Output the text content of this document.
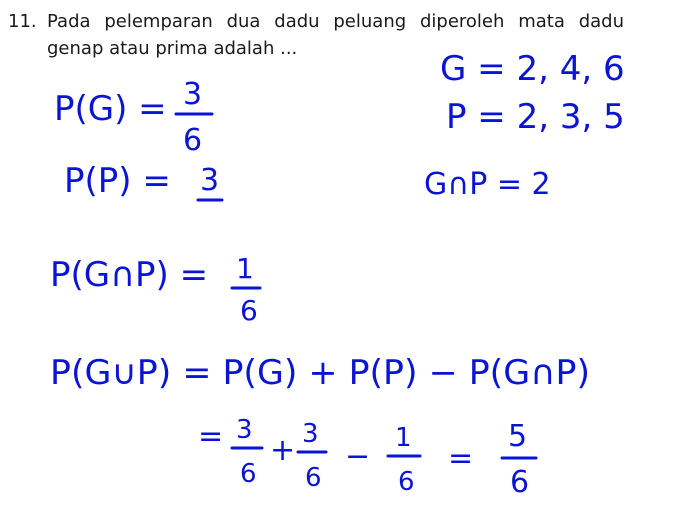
11. Pada pelemparan dua dadu peluang diperoleh mata dadu genap atau prima adalah ...
G = 2, 4, 6
P = 2, 3, 5
G∩P = 2
P(G) = 3
6
P(P) = 3
P(G∩P) = 1
6
P(G∪P) = P(G) + P(P) − P(G∩P)
= 3
6
+ 3
6
−
1
6
=
5
6
